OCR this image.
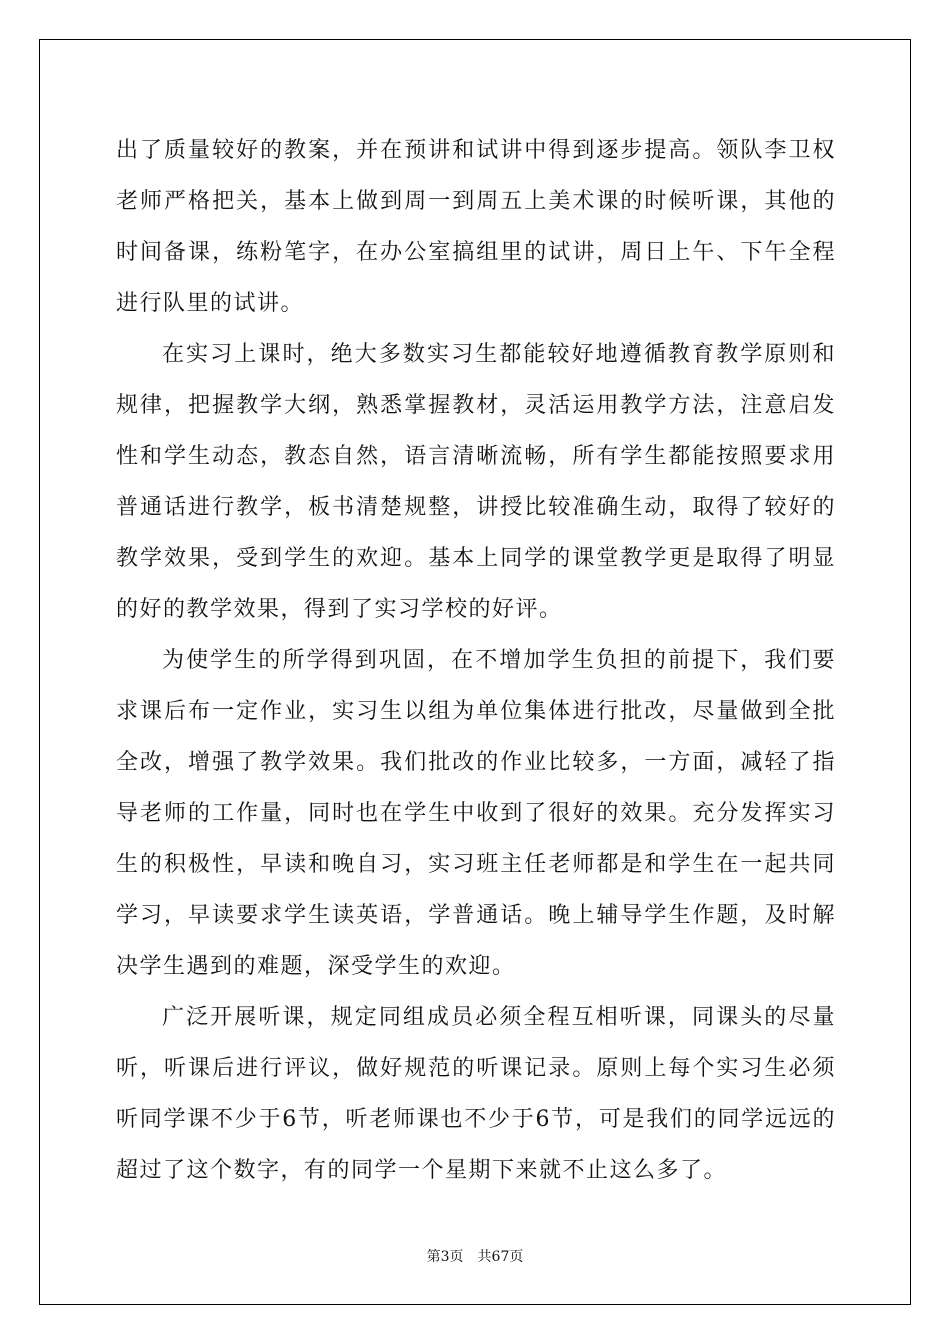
出了质量较好的教案，并在预讲和试讲中得到逐步提高。领队李卫权老师严格把关，基本上做到周一到周五上美术课的时候听课，其他的时间备课，练粉笔字，在办公室搞组里的试讲，周日上午、下午全程进行队里的试讲。

在实习上课时，绝大多数实习生都能较好地遵循教育教学原则和规律，把握教学大纲，熟悉掌握教材，灵活运用教学方法，注意启发性和学生动态，教态自然，语言清晰流畅，所有学生都能按照要求用普通话进行教学，板书清楚规整，讲授比较准确生动，取得了较好的教学效果，受到学生的欢迎。基本上同学的课堂教学更是取得了明显的好的教学效果，得到了实习学校的好评。

为使学生的所学得到巩固，在不增加学生负担的前提下，我们要求课后布一定作业，实习生以组为单位集体进行批改，尽量做到全批全改，增强了教学效果。我们批改的作业比较多，一方面，减轻了指导老师的工作量，同时也在学生中收到了很好的效果。充分发挥实习生的积极性，早读和晚自习，实习班主任老师都是和学生在一起共同学习，早读要求学生读英语，学普通话。晚上辅导学生作题，及时解决学生遇到的难题，深受学生的欢迎。

广泛开展听课，规定同组成员必须全程互相听课，同课头的尽量听，听课后进行评议，做好规范的听课记录。原则上每个实习生必须听同学课不少于6节，听老师课也不少于6节，可是我们的同学远远的超过了这个数字，有的同学一个星期下来就不止这么多了。

第3页 共67页
